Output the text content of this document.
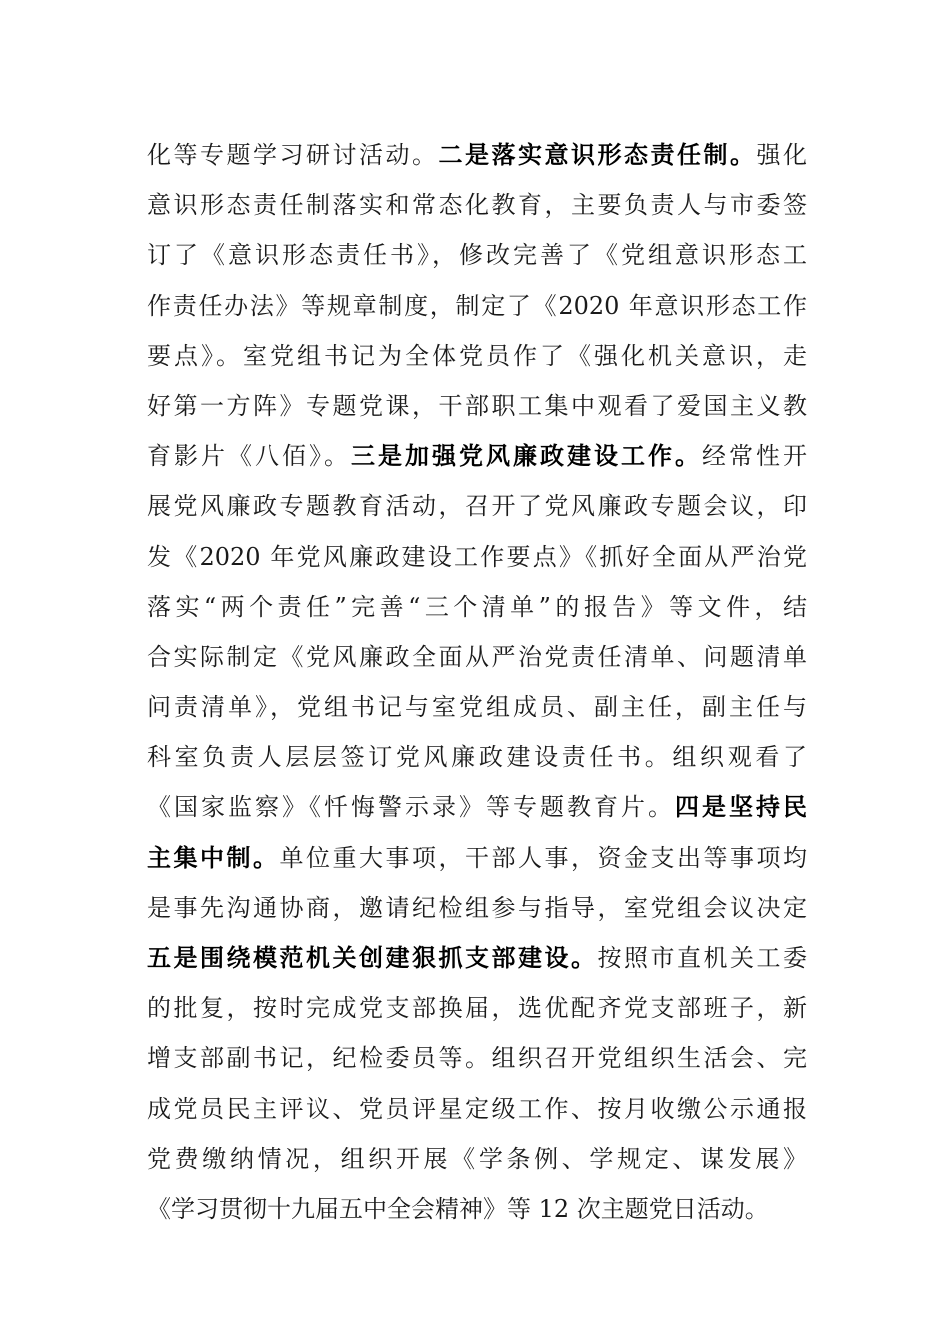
化等专题学习研讨活动。二是落实意识形态责任制。强化
意识形态责任制落实和常态化教育，主要负责人与市委签
订了《意识形态责任书》，修改完善了《党组意识形态工
作责任办法》等规章制度，制定了《2020 年意识形态工作
要点》。室党组书记为全体党员作了《强化机关意识，走
好第一方阵》专题党课，干部职工集中观看了爱国主义教
育影片《八佰》。三是加强党风廉政建设工作。经常性开
展党风廉政专题教育活动，召开了党风廉政专题会议，印
发《2020 年党风廉政建设工作要点》《抓好全面从严治党
落实“两个责任”完善“三个清单”的报告》等文件，结
合实际制定《党风廉政全面从严治党责任清单、问题清单
问责清单》，党组书记与室党组成员、副主任，副主任与
科室负责人层层签订党风廉政建设责任书。组织观看了
《国家监察》《忏悔警示录》等专题教育片。四是坚持民
主集中制。单位重大事项，干部人事，资金支出等事项均
是事先沟通协商，邀请纪检组参与指导，室党组会议决定
五是围绕模范机关创建狠抓支部建设。按照市直机关工委
的批复，按时完成党支部换届，选优配齐党支部班子，新
增支部副书记，纪检委员等。组织召开党组织生活会、完
成党员民主评议、党员评星定级工作、按月收缴公示通报
党费缴纳情况，组织开展《学条例、学规定、谋发展》
《学习贯彻十九届五中全会精神》等 12 次主题党日活动。
